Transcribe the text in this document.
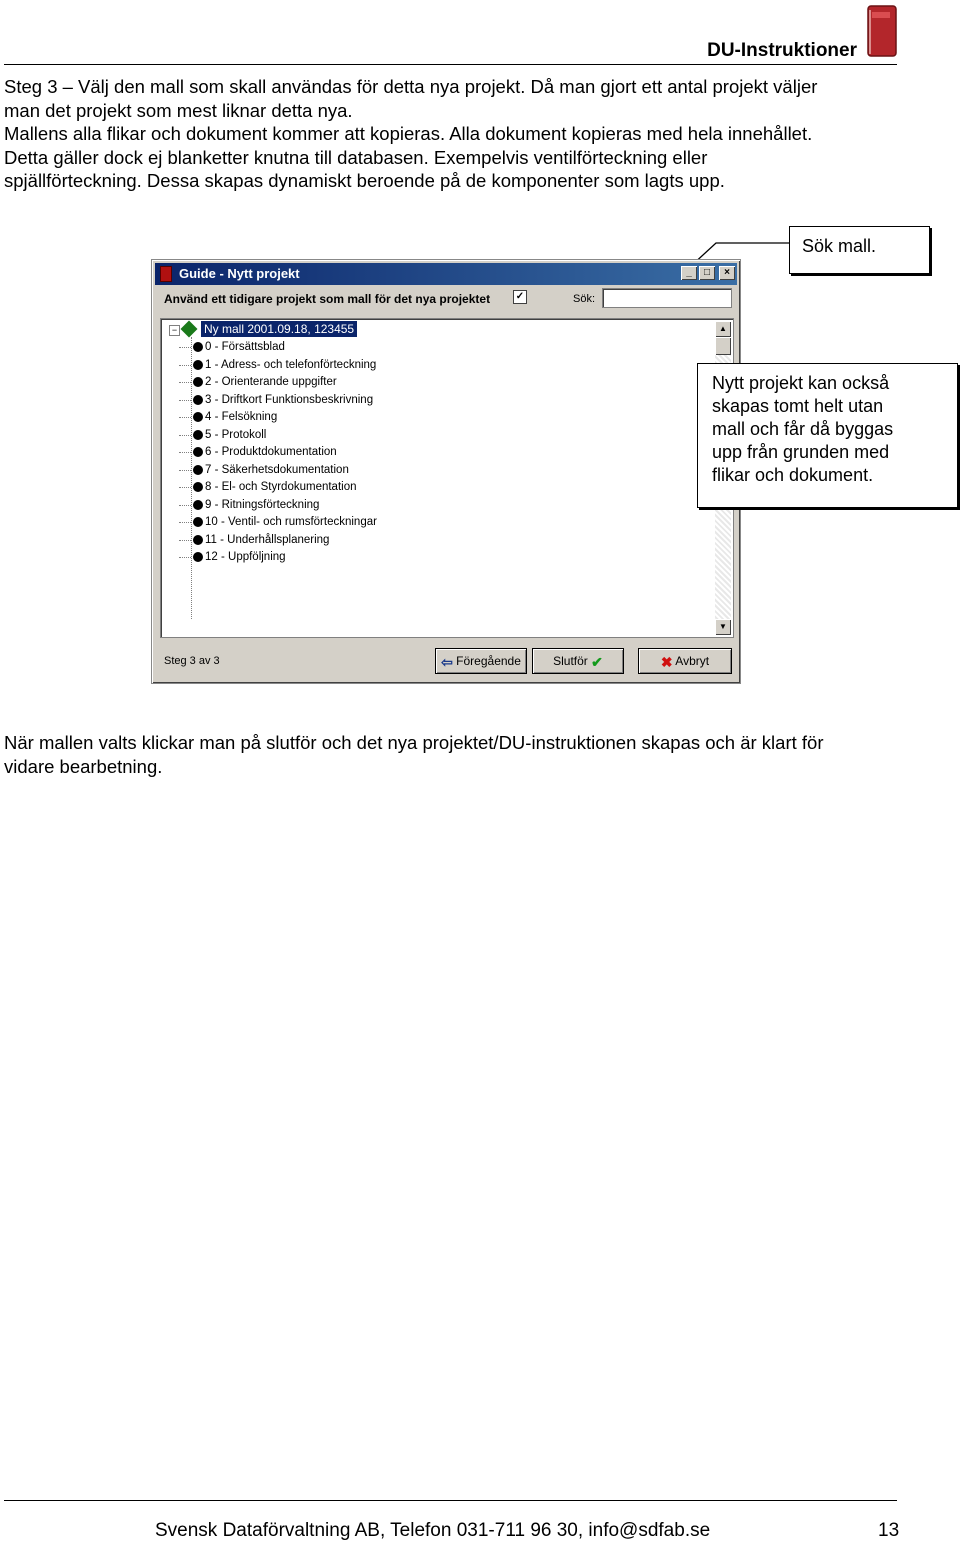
DU-Instruktioner
Steg 3 – Välj den mall som skall användas för detta nya projekt. Då man gjort ett antal projekt väljer
man det projekt som mest liknar detta nya.
Mallens alla flikar och dokument kommer att kopieras. Alla dokument kopieras med hela innehållet.
Detta gäller dock ej blanketter knutna till databasen. Exempelvis ventilförteckning eller
spjällförteckning. Dessa skapas dynamiskt beroende på de komponenter som lagts upp.
Guide - Nytt projekt	_	□	×
Använd ett tidigare projekt som mall för det nya projektet	✓	Sök:
− Ny mall 2001.09.18, 123455
0 - Försättsblad
1 - Adress- och telefonförteckning
2 - Orienterande uppgifter
3 - Driftkort Funktionsbeskrivning
4 - Felsökning
5 - Protokoll
6 - Produktdokumentation
7 - Säkerhetsdokumentation
8 - El- och Styrdokumentation
9 - Ritningsförteckning
10 - Ventil- och rumsförteckningar
11 - Underhållsplanering
12 - Uppföljning
▲
▼
Steg 3 av 3	⇦ Föregående	Slutför ✔	✖ Avbryt
Sök mall.
Nytt projekt kan också
skapas tomt helt utan
mall och får då byggas
upp från grunden med
flikar och dokument.
När mallen valts klickar man på slutför och det nya projektet/DU-instruktionen skapas och är klart för
vidare bearbetning.
Svensk Dataförvaltning AB, Telefon 031-711 96 30, info@sdfab.se	13
